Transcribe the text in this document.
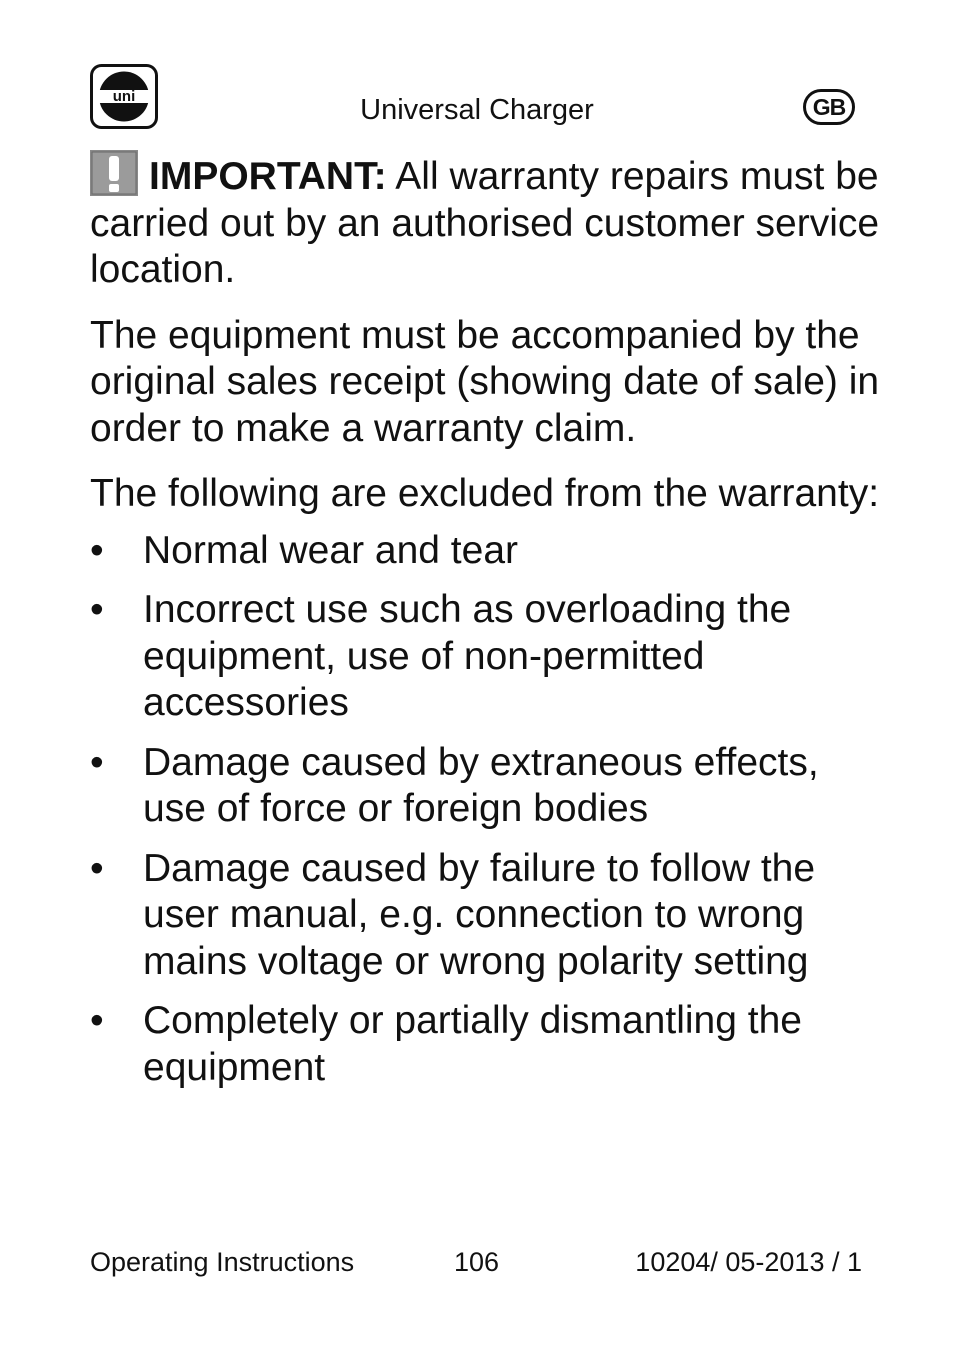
uni	Universal Charger	GB

IMPORTANT: All warranty repairs must be carried out by an authorised customer service location.

The equipment must be accompanied by the original sales receipt (showing date of sale) in order to make a warranty claim.

The following are excluded from the warranty:

• Normal wear and tear
• Incorrect use such as overloading the equipment, use of non-permitted accessories
• Damage caused by extraneous effects, use of force or foreign bodies
• Damage caused by failure to follow the user manual, e.g. connection to wrong mains voltage or wrong polarity setting
• Completely or partially dismantling the equipment
Operating Instructions	106	10204/ 05-2013 / 1
